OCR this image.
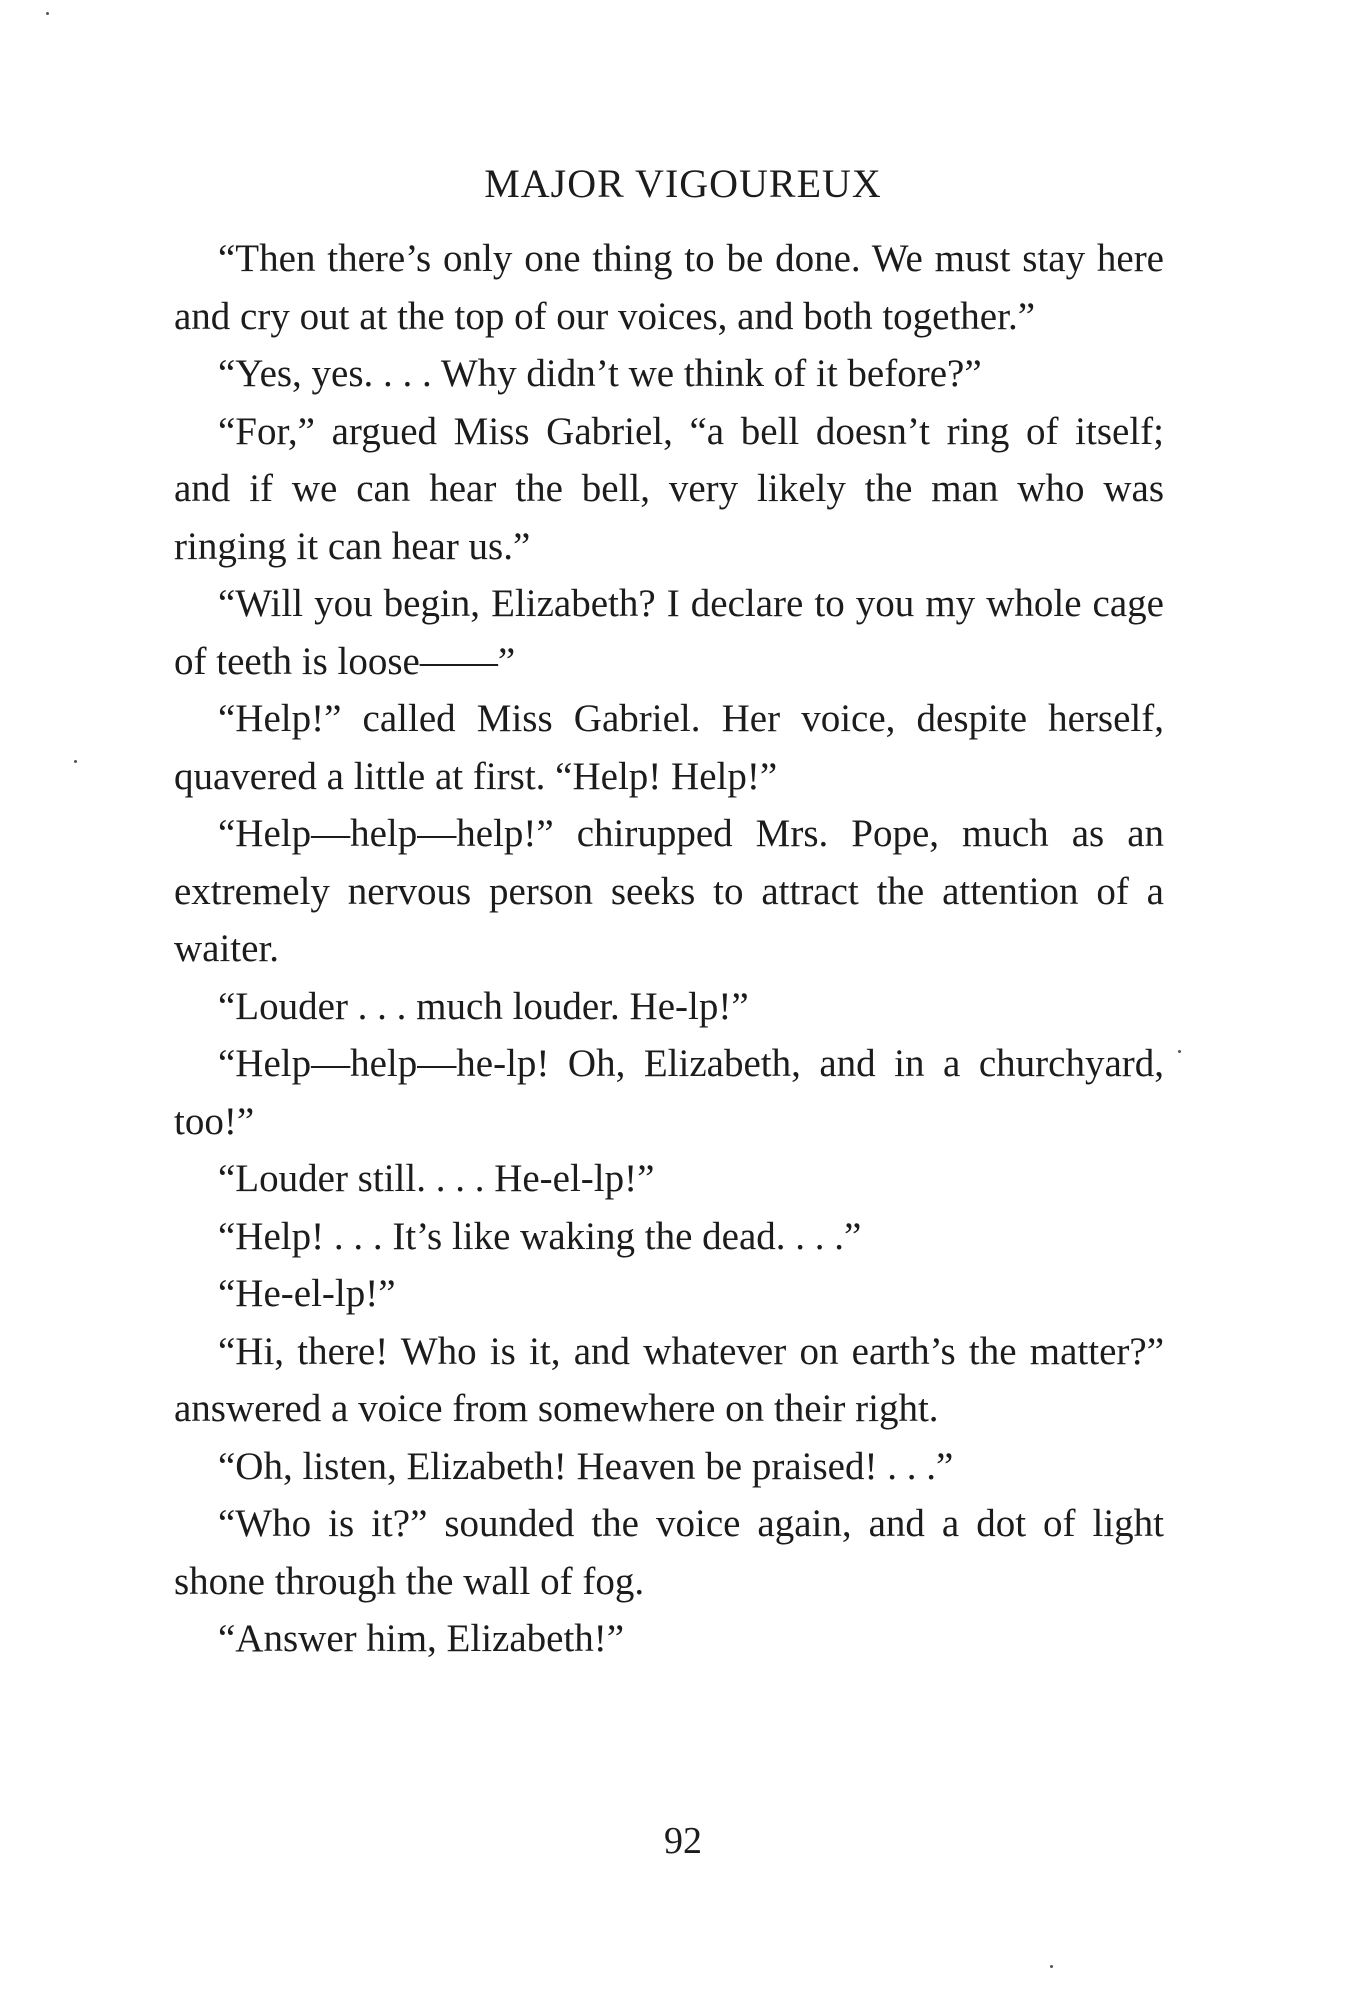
MAJOR VIGOUREUX

“Then there’s only one thing to be done. We must stay here and cry out at the top of our voices, and both together.”

“Yes, yes. . . . Why didn’t we think of it before?”

“For,” argued Miss Gabriel, “a bell doesn’t ring of itself; and if we can hear the bell, very likely the man who was ringing it can hear us.”

“Will you begin, Elizabeth? I declare to you my whole cage of teeth is loose——”

“Help!” called Miss Gabriel. Her voice, despite herself, quavered a little at first. “Help! Help!”

“Help—help—help!” chirupped Mrs. Pope, much as an extremely nervous person seeks to attract the attention of a waiter.

“Louder . . . much louder. He-lp!”

“Help—help—he-lp! Oh, Elizabeth, and in a churchyard, too!”

“Louder still. . . . He-el-lp!”

“Help! . . . It’s like waking the dead. . . .”

“He-el-lp!”

“Hi, there! Who is it, and whatever on earth’s the matter?” answered a voice from somewhere on their right.

“Oh, listen, Elizabeth! Heaven be praised! . . .”

“Who is it?” sounded the voice again, and a dot of light shone through the wall of fog.

“Answer him, Elizabeth!”

92
